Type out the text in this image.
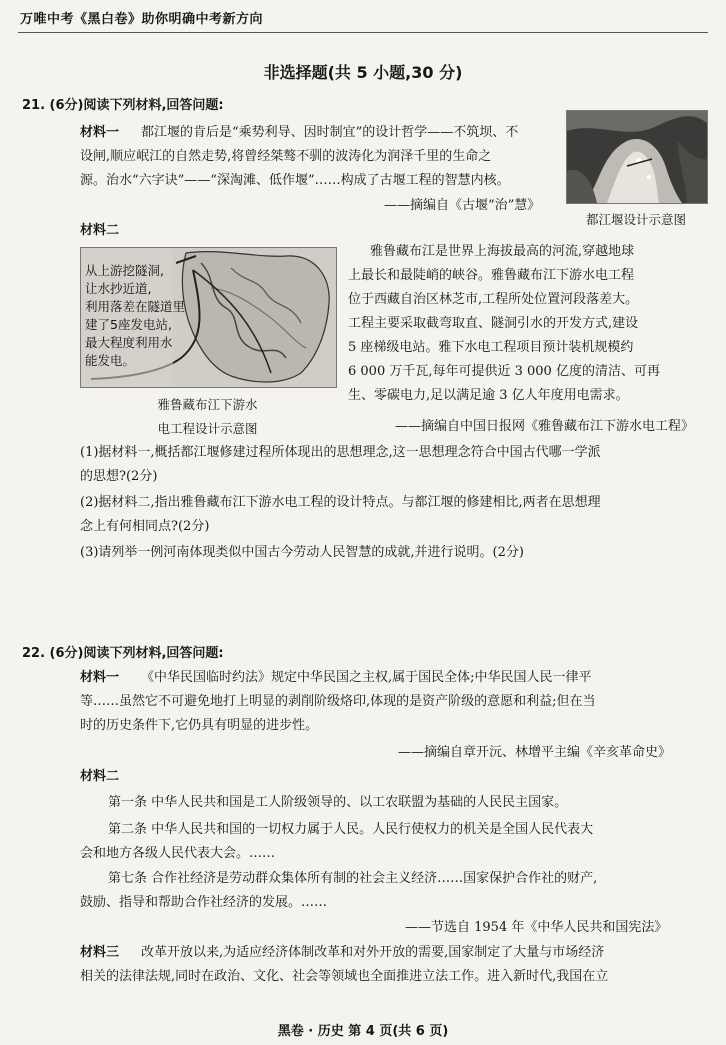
万唯中考《黑白卷》助你明确中考新方向
非选择题(共 5 小题,30 分)
21. (6分)阅读下列材料,回答问题:
材料一 都江堰的肯后是“乘势利导、因时制宜”的设计哲学——不筑坝、不
设闸,顺应岷江的自然走势,将曾经桀骜不驯的波涛化为润泽千里的生命之
源。治水“六字诀”——“深淘滩、低作堰”……构成了古堰工程的智慧内核。
——摘编自《古堰“治”慧》
都江堰设计示意图
材料二
从上游挖隧洞,
让水抄近道,
利用落差在隧道里
建了5座发电站,
最大程度利用水
能发电。
雅鲁藏布江下游水
电工程设计示意图
雅鲁藏布江是世界上海拔最高的河流,穿越地球
上最长和最陡峭的峡谷。雅鲁藏布江下游水电工程
位于西藏自治区林芝市,工程所处位置河段落差大。
工程主要采取截弯取直、隧洞引水的开发方式,建设
5 座梯级电站。雅下水电工程项目预计装机规模约
6 000 万千瓦,每年可提供近 3 000 亿度的清洁、可再
生、零碳电力,足以满足逾 3 亿人年度用电需求。
——摘编自中国日报网《雅鲁藏布江下游水电工程》
(1)据材料一,概括都江堰修建过程所体现出的思想理念,这一思想理念符合中国古代哪一学派
的思想?(2分)
(2)据材料二,指出雅鲁藏布江下游水电工程的设计特点。与都江堰的修建相比,两者在思想理
念上有何相同点?(2分)
(3)请列举一例河南体现类似中国古今劳动人民智慧的成就,并进行说明。(2分)
22. (6分)阅读下列材料,回答问题:
材料一 《中华民国临时约法》规定中华民国之主权,属于国民全体;中华民国人民一律平
等……虽然它不可避免地打上明显的剥削阶级烙印,体现的是资产阶级的意愿和利益;但在当
时的历史条件下,它仍具有明显的进步性。
——摘编自章开沅、林增平主编《辛亥革命史》
材料二
第一条 中华人民共和国是工人阶级领导的、以工农联盟为基础的人民民主国家。
第二条 中华人民共和国的一切权力属于人民。人民行使权力的机关是全国人民代表大
会和地方各级人民代表大会。……
第七条 合作社经济是劳动群众集体所有制的社会主义经济……国家保护合作社的财产,
鼓励、指导和帮助合作社经济的发展。……
——节选自 1954 年《中华人民共和国宪法》
材料三 改革开放以来,为适应经济体制改革和对外开放的需要,国家制定了大量与市场经济
相关的法律法规,同时在政治、文化、社会等领域也全面推进立法工作。进入新时代,我国在立
黑卷 · 历史 第 4 页(共 6 页)
